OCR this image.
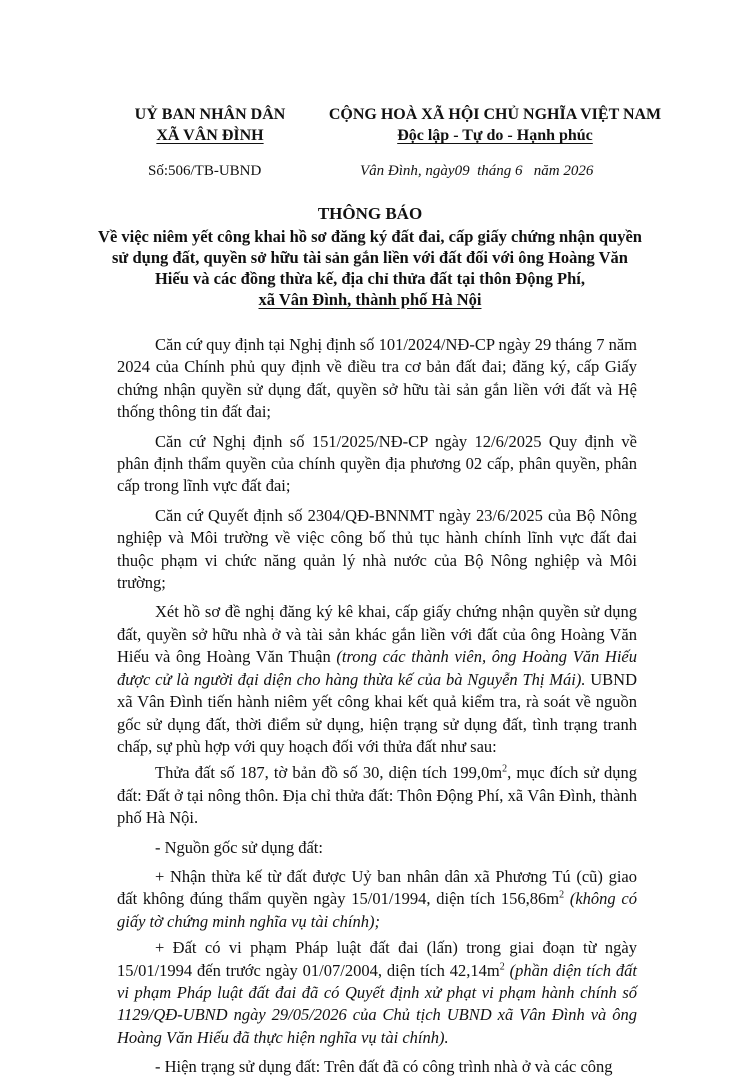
UỶ BAN NHÂN DÂN
XÃ VÂN ĐÌNH
CỘNG HOÀ XÃ HỘI CHỦ NGHĨA VIỆT NAM
Độc lập - Tự do - Hạnh phúc
Số:506/TB-UBND	Vân Đình, ngày09  tháng 6   năm 2026
THÔNG BÁO
Về việc niêm yết công khai hồ sơ đăng ký đất đai, cấp giấy chứng nhận quyền sử dụng đất, quyền sở hữu tài sản gắn liền với đất đối với ông Hoàng Văn Hiếu và các đồng thừa kế, địa chỉ thửa đất tại thôn Động Phí,
xã Vân Đình, thành phố Hà Nội

Căn cứ quy định tại Nghị định số 101/2024/NĐ-CP ngày 29 tháng 7 năm 2024 của Chính phủ quy định về điều tra cơ bản đất đai; đăng ký, cấp Giấy chứng nhận quyền sử dụng đất, quyền sở hữu tài sản gắn liền với đất và Hệ thống thông tin đất đai;

Căn cứ Nghị định số 151/2025/NĐ-CP ngày 12/6/2025 Quy định về phân định thẩm quyền của chính quyền địa phương 02 cấp, phân quyền, phân cấp trong lĩnh vực đất đai;

Căn cứ Quyết định số 2304/QĐ-BNNMT ngày 23/6/2025 của Bộ Nông nghiệp và Môi trường về việc công bố thủ tục hành chính lĩnh vực đất đai thuộc phạm vi chức năng quản lý nhà nước của Bộ Nông nghiệp và Môi trường;

Xét hồ sơ đề nghị đăng ký kê khai, cấp giấy chứng nhận quyền sử dụng đất, quyền sở hữu nhà ở và tài sản khác gắn liền với đất của ông Hoàng Văn Hiếu và ông Hoàng Văn Thuận (trong các thành viên, ông Hoàng Văn Hiếu được cử là người đại diện cho hàng thừa kế của bà Nguyễn Thị Mái). UBND xã Vân Đình tiến hành niêm yết công khai kết quả kiểm tra, rà soát về nguồn gốc sử dụng đất, thời điểm sử dụng, hiện trạng sử dụng đất, tình trạng tranh chấp, sự phù hợp với quy hoạch đối với thửa đất như sau:

Thửa đất số 187, tờ bản đồ số 30, diện tích $199,0m^2$, mục đích sử dụng đất: Đất ở tại nông thôn. Địa chỉ thửa đất: Thôn Động Phí, xã Vân Đình, thành phố Hà Nội.

- Nguồn gốc sử dụng đất:

+ Nhận thừa kế từ đất được Uỷ ban nhân dân xã Phương Tú (cũ) giao đất không đúng thẩm quyền ngày 15/01/1994, diện tích $156,86m^2$ (không có giấy tờ chứng minh nghĩa vụ tài chính);

+ Đất có vi phạm Pháp luật đất đai (lấn) trong giai đoạn từ ngày 15/01/1994 đến trước ngày 01/07/2004, diện tích $42,14m^2$ (phần diện tích đất vi phạm Pháp luật đất đai đã có Quyết định xử phạt vi phạm hành chính số 1129/QĐ-UBND ngày 29/05/2026 của Chủ tịch UBND xã Vân Đình và ông Hoàng Văn Hiếu đã thực hiện nghĩa vụ tài chính).

- Hiện trạng sử dụng đất: Trên đất đã có công trình nhà ở và các công
